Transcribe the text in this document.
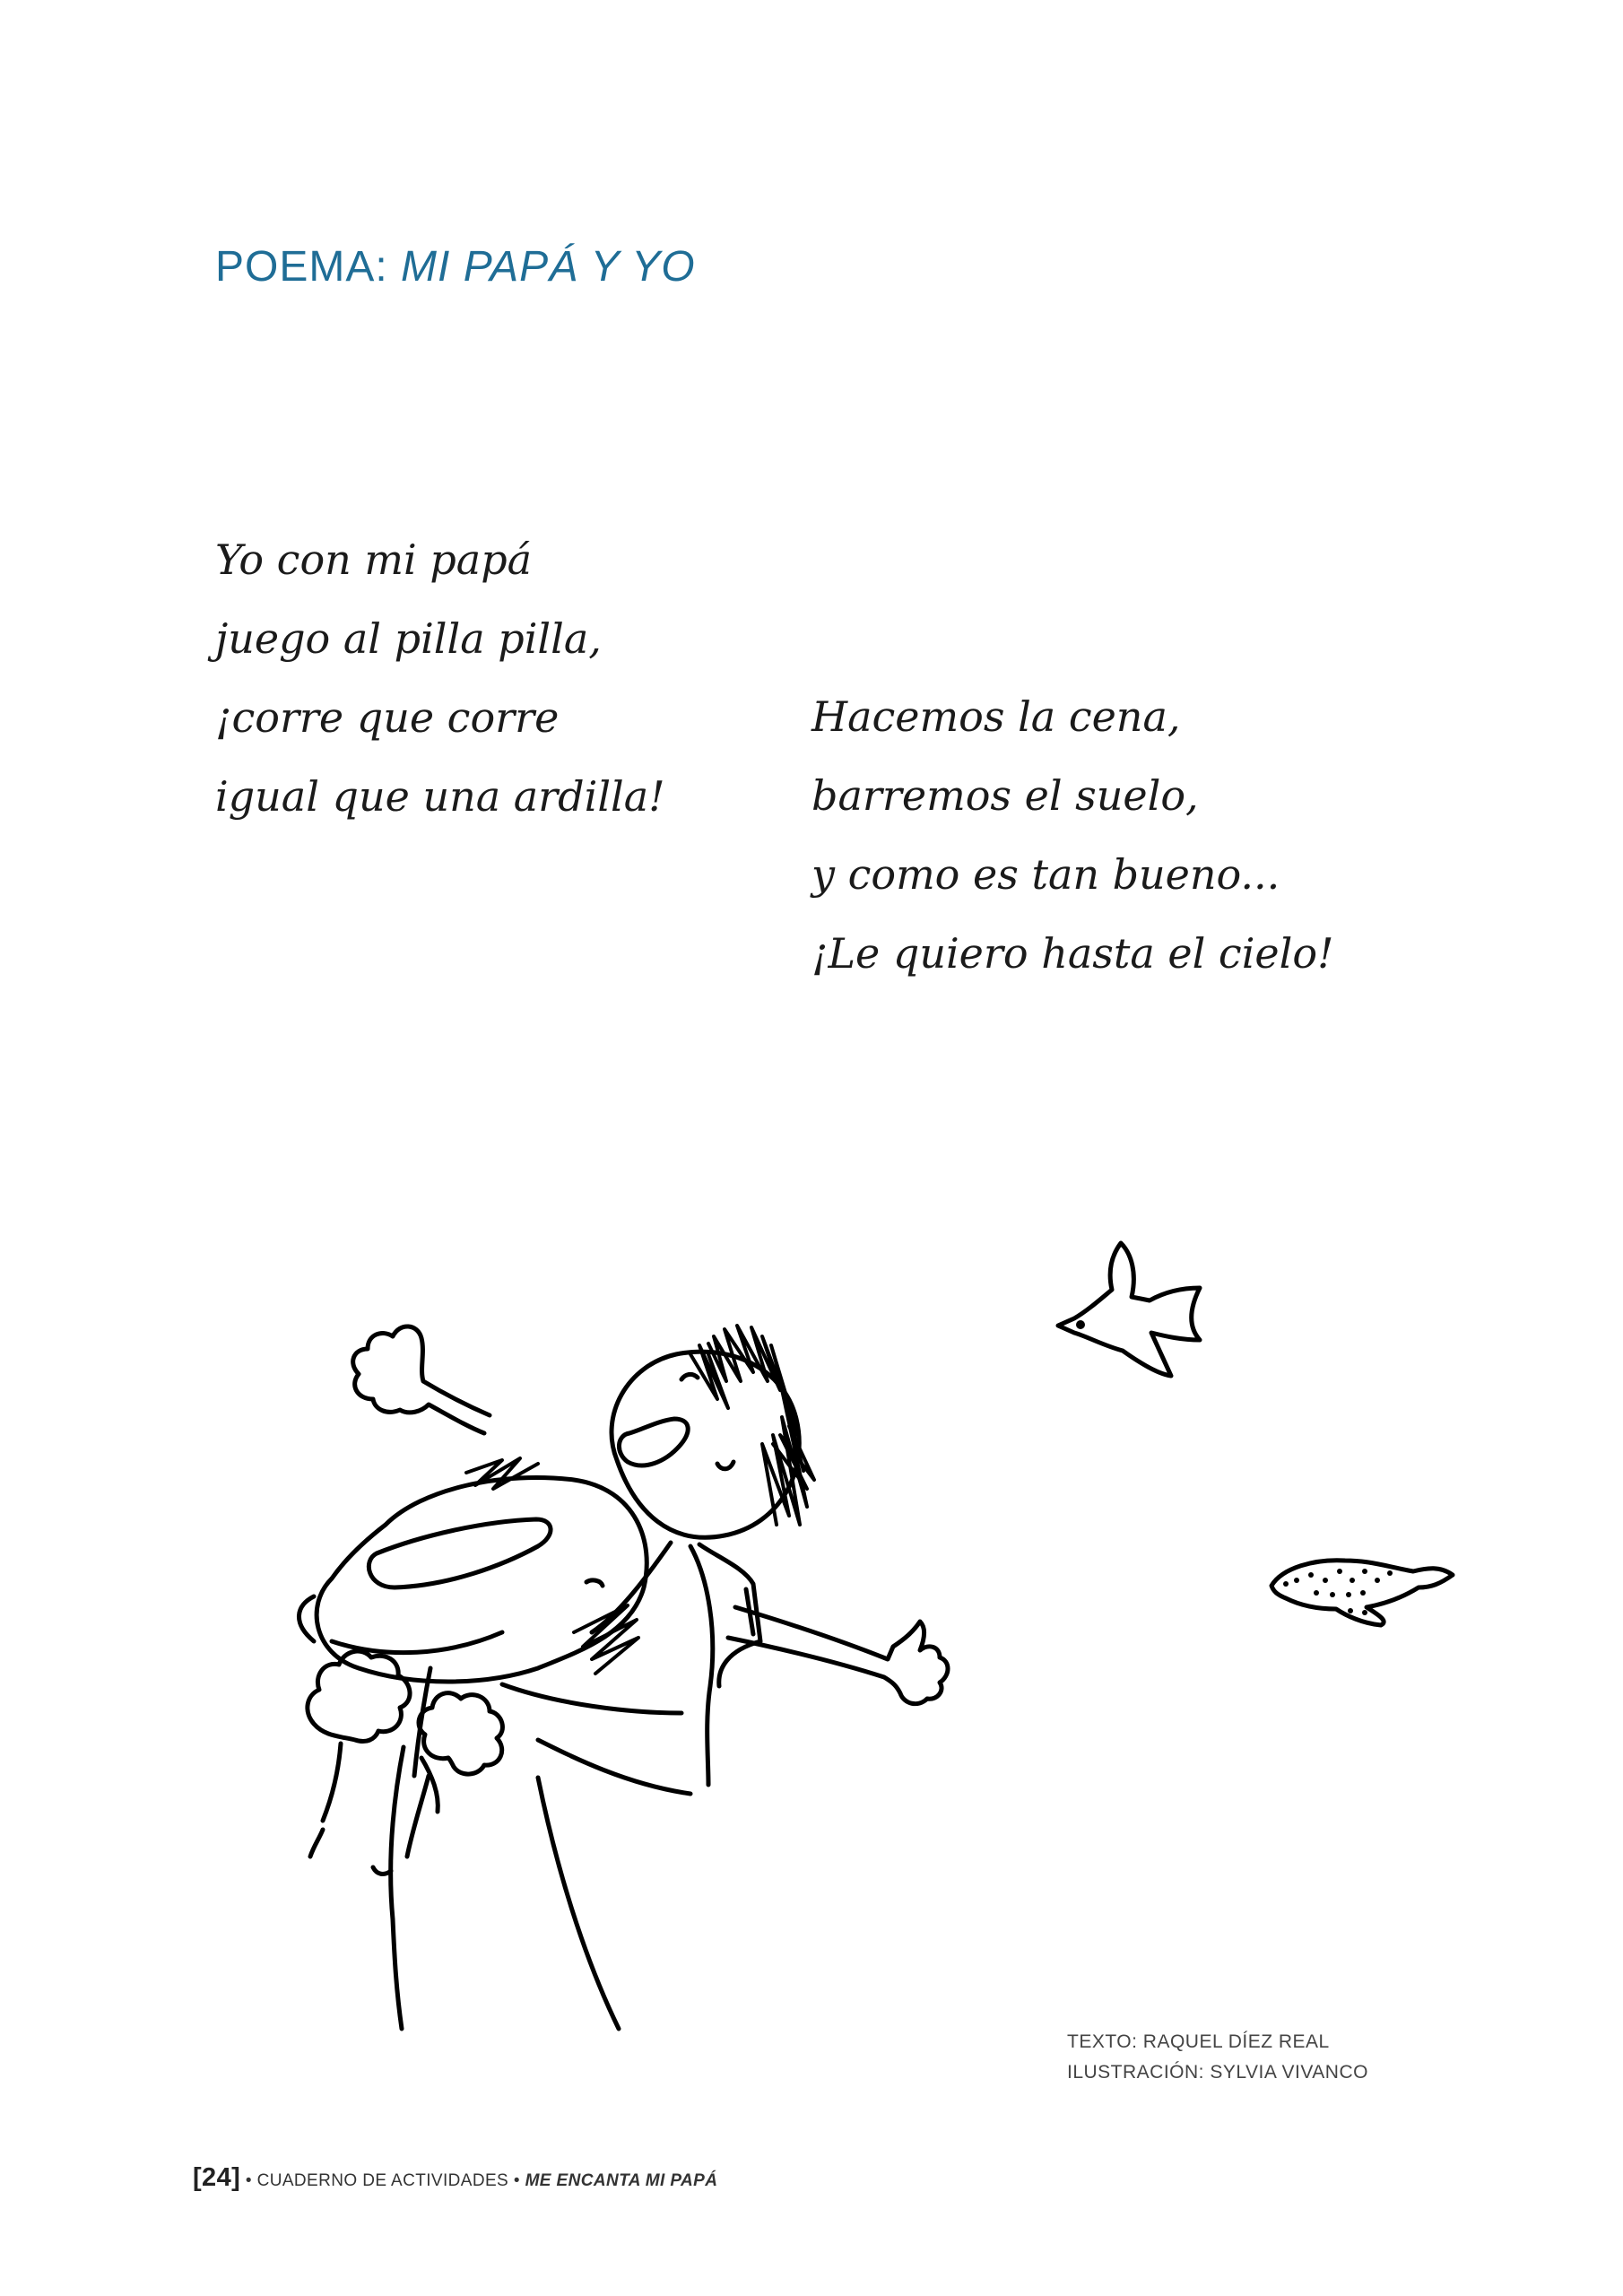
POEMA: MI PAPÁ Y YO
Yo con mi papá
juego al pilla pilla,
¡corre que corre
igual que una ardilla!
Hacemos la cena,
barremos el suelo,
y como es tan bueno...
¡Le quiero hasta el cielo!
TEXTO: RAQUEL DÍEZ REAL
ILUSTRACIÓN: SYLVIA VIVANCO
[24] • CUADERNO DE ACTIVIDADES • ME ENCANTA MI PAPÁ
